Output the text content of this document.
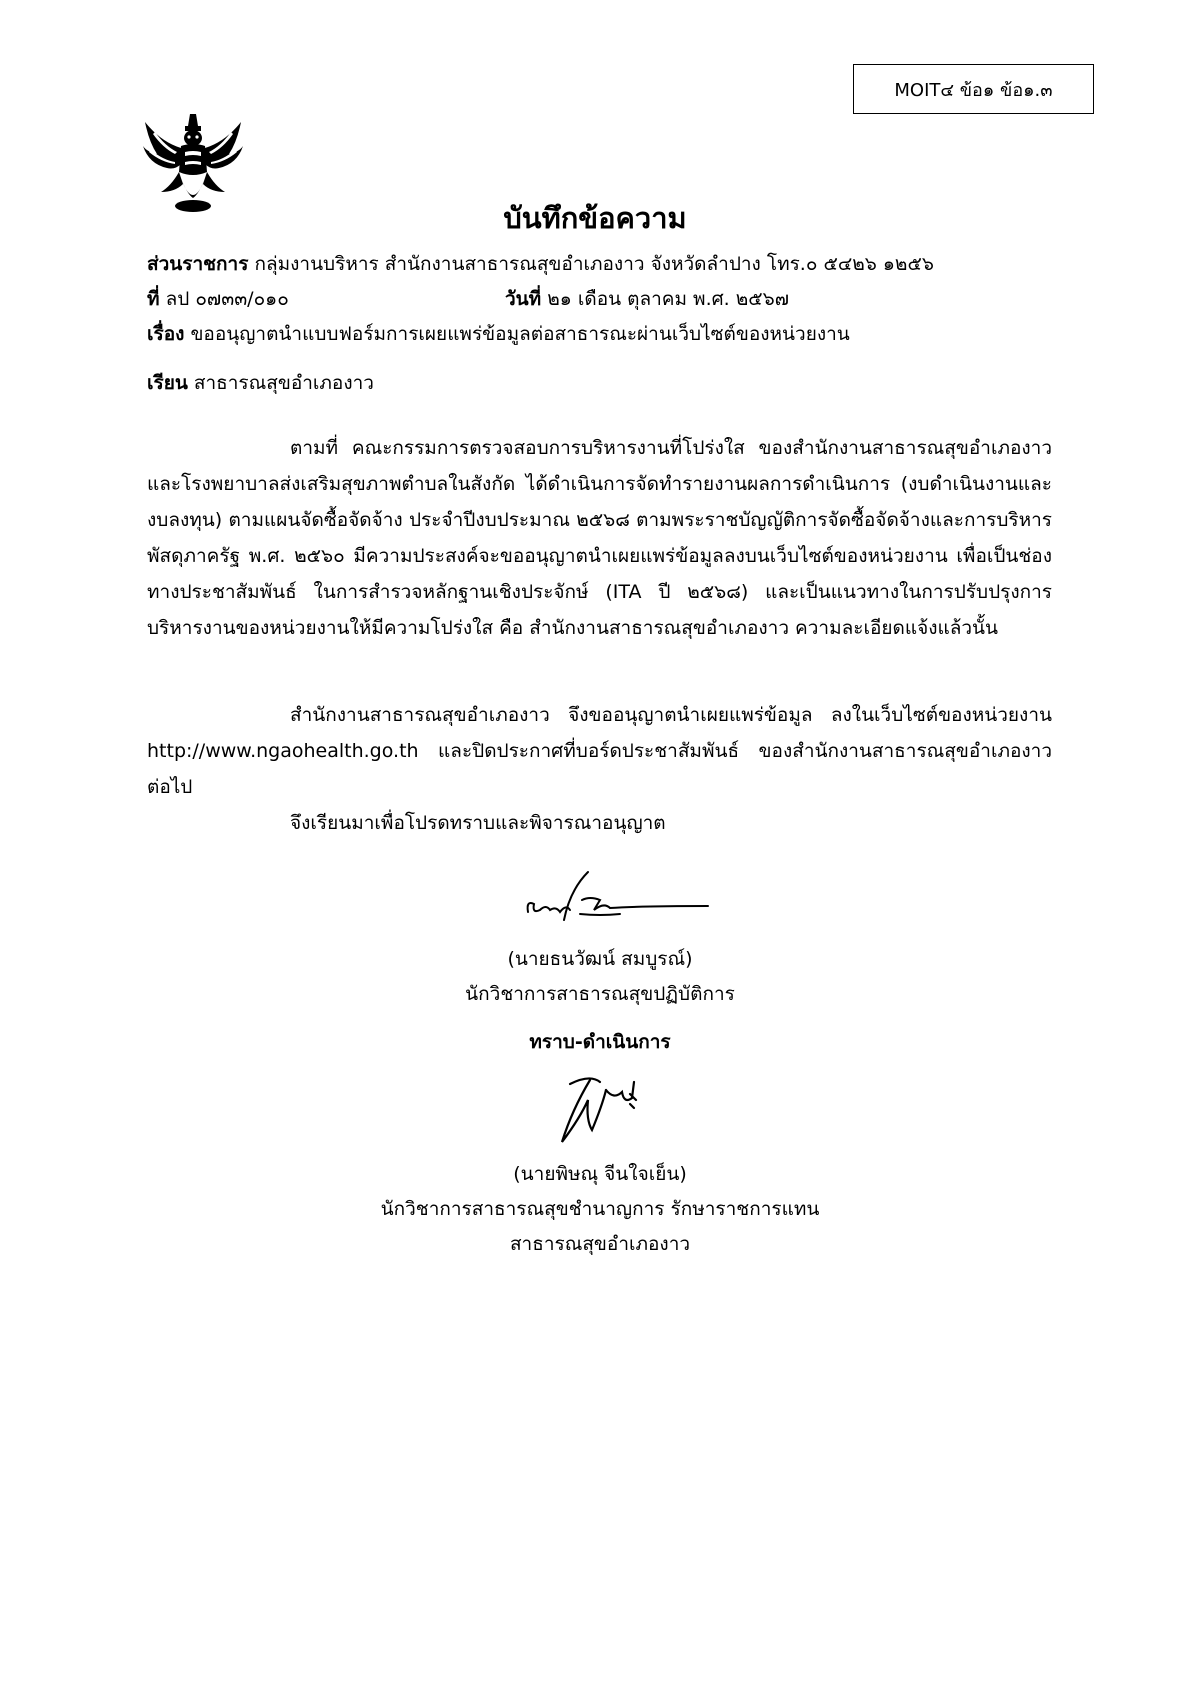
MOIT๔ ข้อ๑ ข้อ๑.๓
บันทึกข้อความ
ส่วนราชการ กลุ่มงานบริหาร สำนักงานสาธารณสุขอำเภองาว จังหวัดลำปาง โทร.๐ ๕๔๒๖ ๑๒๕๖
ที่ ลป ๐๗๓๓/๐๑๐	วันที่ ๒๑ เดือน ตุลาคม พ.ศ. ๒๕๖๗
เรื่อง ขออนุญาตนำแบบฟอร์มการเผยแพร่ข้อมูลต่อสาธารณะผ่านเว็บไซต์ของหน่วยงาน
เรียน สาธารณสุขอำเภองาว
ตามที่ คณะกรรมการตรวจสอบการบริหารงานที่โปร่งใส ของสำนักงานสาธารณสุขอำเภองาวและโรงพยาบาลส่งเสริมสุขภาพตำบลในสังกัด ได้ดำเนินการจัดทำรายงานผลการดำเนินการ (งบดำเนินงานและ งบลงทุน) ตามแผนจัดซื้อจัดจ้าง ประจำปีงบประมาณ ๒๕๖๘ ตามพระราชบัญญัติการจัดซื้อจัดจ้างและการบริหารพัสดุภาครัฐ พ.ศ. ๒๕๖๐ มีความประสงค์จะขออนุญาตนำเผยแพร่ข้อมูลลงบนเว็บไซต์ของหน่วยงาน เพื่อเป็นช่องทางประชาสัมพันธ์ ในการสำรวจหลักฐานเชิงประจักษ์ (ITA ปี ๒๕๖๘) และเป็นแนวทางในการปรับปรุงการบริหารงานของหน่วยงานให้มีความโปร่งใส คือ สำนักงานสาธารณสุขอำเภองาว ความละเอียดแจ้งแล้วนั้น
สำนักงานสาธารณสุขอำเภองาว จึงขออนุญาตนำเผยแพร่ข้อมูล ลงในเว็บไซต์ของหน่วยงาน http://www.ngaohealth.go.th และปิดประกาศที่บอร์ดประชาสัมพันธ์ ของสำนักงานสาธารณสุขอำเภองาว ต่อไป
จึงเรียนมาเพื่อโปรดทราบและพิจารณาอนุญาต
(นายธนวัฒน์ สมบูรณ์)
นักวิชาการสาธารณสุขปฏิบัติการ
ทราบ-ดำเนินการ
(นายพิษณุ จีนใจเย็น)
นักวิชาการสาธารณสุขชำนาญการ รักษาราชการแทน
สาธารณสุขอำเภองาว
